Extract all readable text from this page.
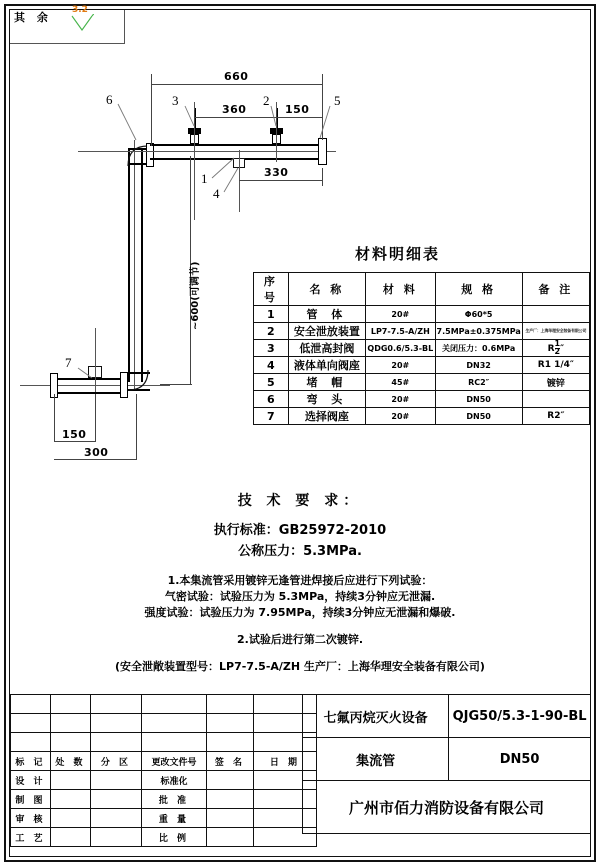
其 余
3.2
660
360	150
330
~600(可调节)
150
300
6	3	2	5
1
4
7
材料明细表
序 号	名 称	材 料	规 格	备 注
1	管 体	20#	Φ60*5	
2	安全泄放装置	LP7-7.5-A/ZH	7.5MPa±0.375MPa	生产厂：上海华理安全装备有限公司
3	低泄高封阀	QDG0.6/5.3-BL	关闭压力：0.6MPa	R $\frac{1}{2}$ ″
4	液体单向阀座	20#	DN32	R1 1/4″
5	堵 帽	45#	RC2″	镀锌
6	弯 头	20#	DN50	
7	选择阀座	20#	DN50	R2″
技 术 要 求：
执行标准：GB25972-2010
公称压力：5.3MPa.
1.本集流管采用镀锌无逢管进焊接后应进行下列试验：
气密试验：试验压力为 5.3MPa，持续3分钟应无泄漏.
强度试验：试验压力为 7.95MPa，持续3分钟应无泄漏和爆破.
2.试验后进行第二次镀锌.
(安全泄敞装置型号：LP7-7.5-A/ZH 生产厂：上海华理安全装备有限公司)

标 记	处 数	分 区	更改文件号	签 名	日 期
设 计			标准化		
制 图			批 准		
审 核			重 量		
工 艺			比 例		
七氟丙烷灭火设备	QJG50/5.3-1-90-BL
集流管	DN50
广州市佰力消防设备有限公司	
